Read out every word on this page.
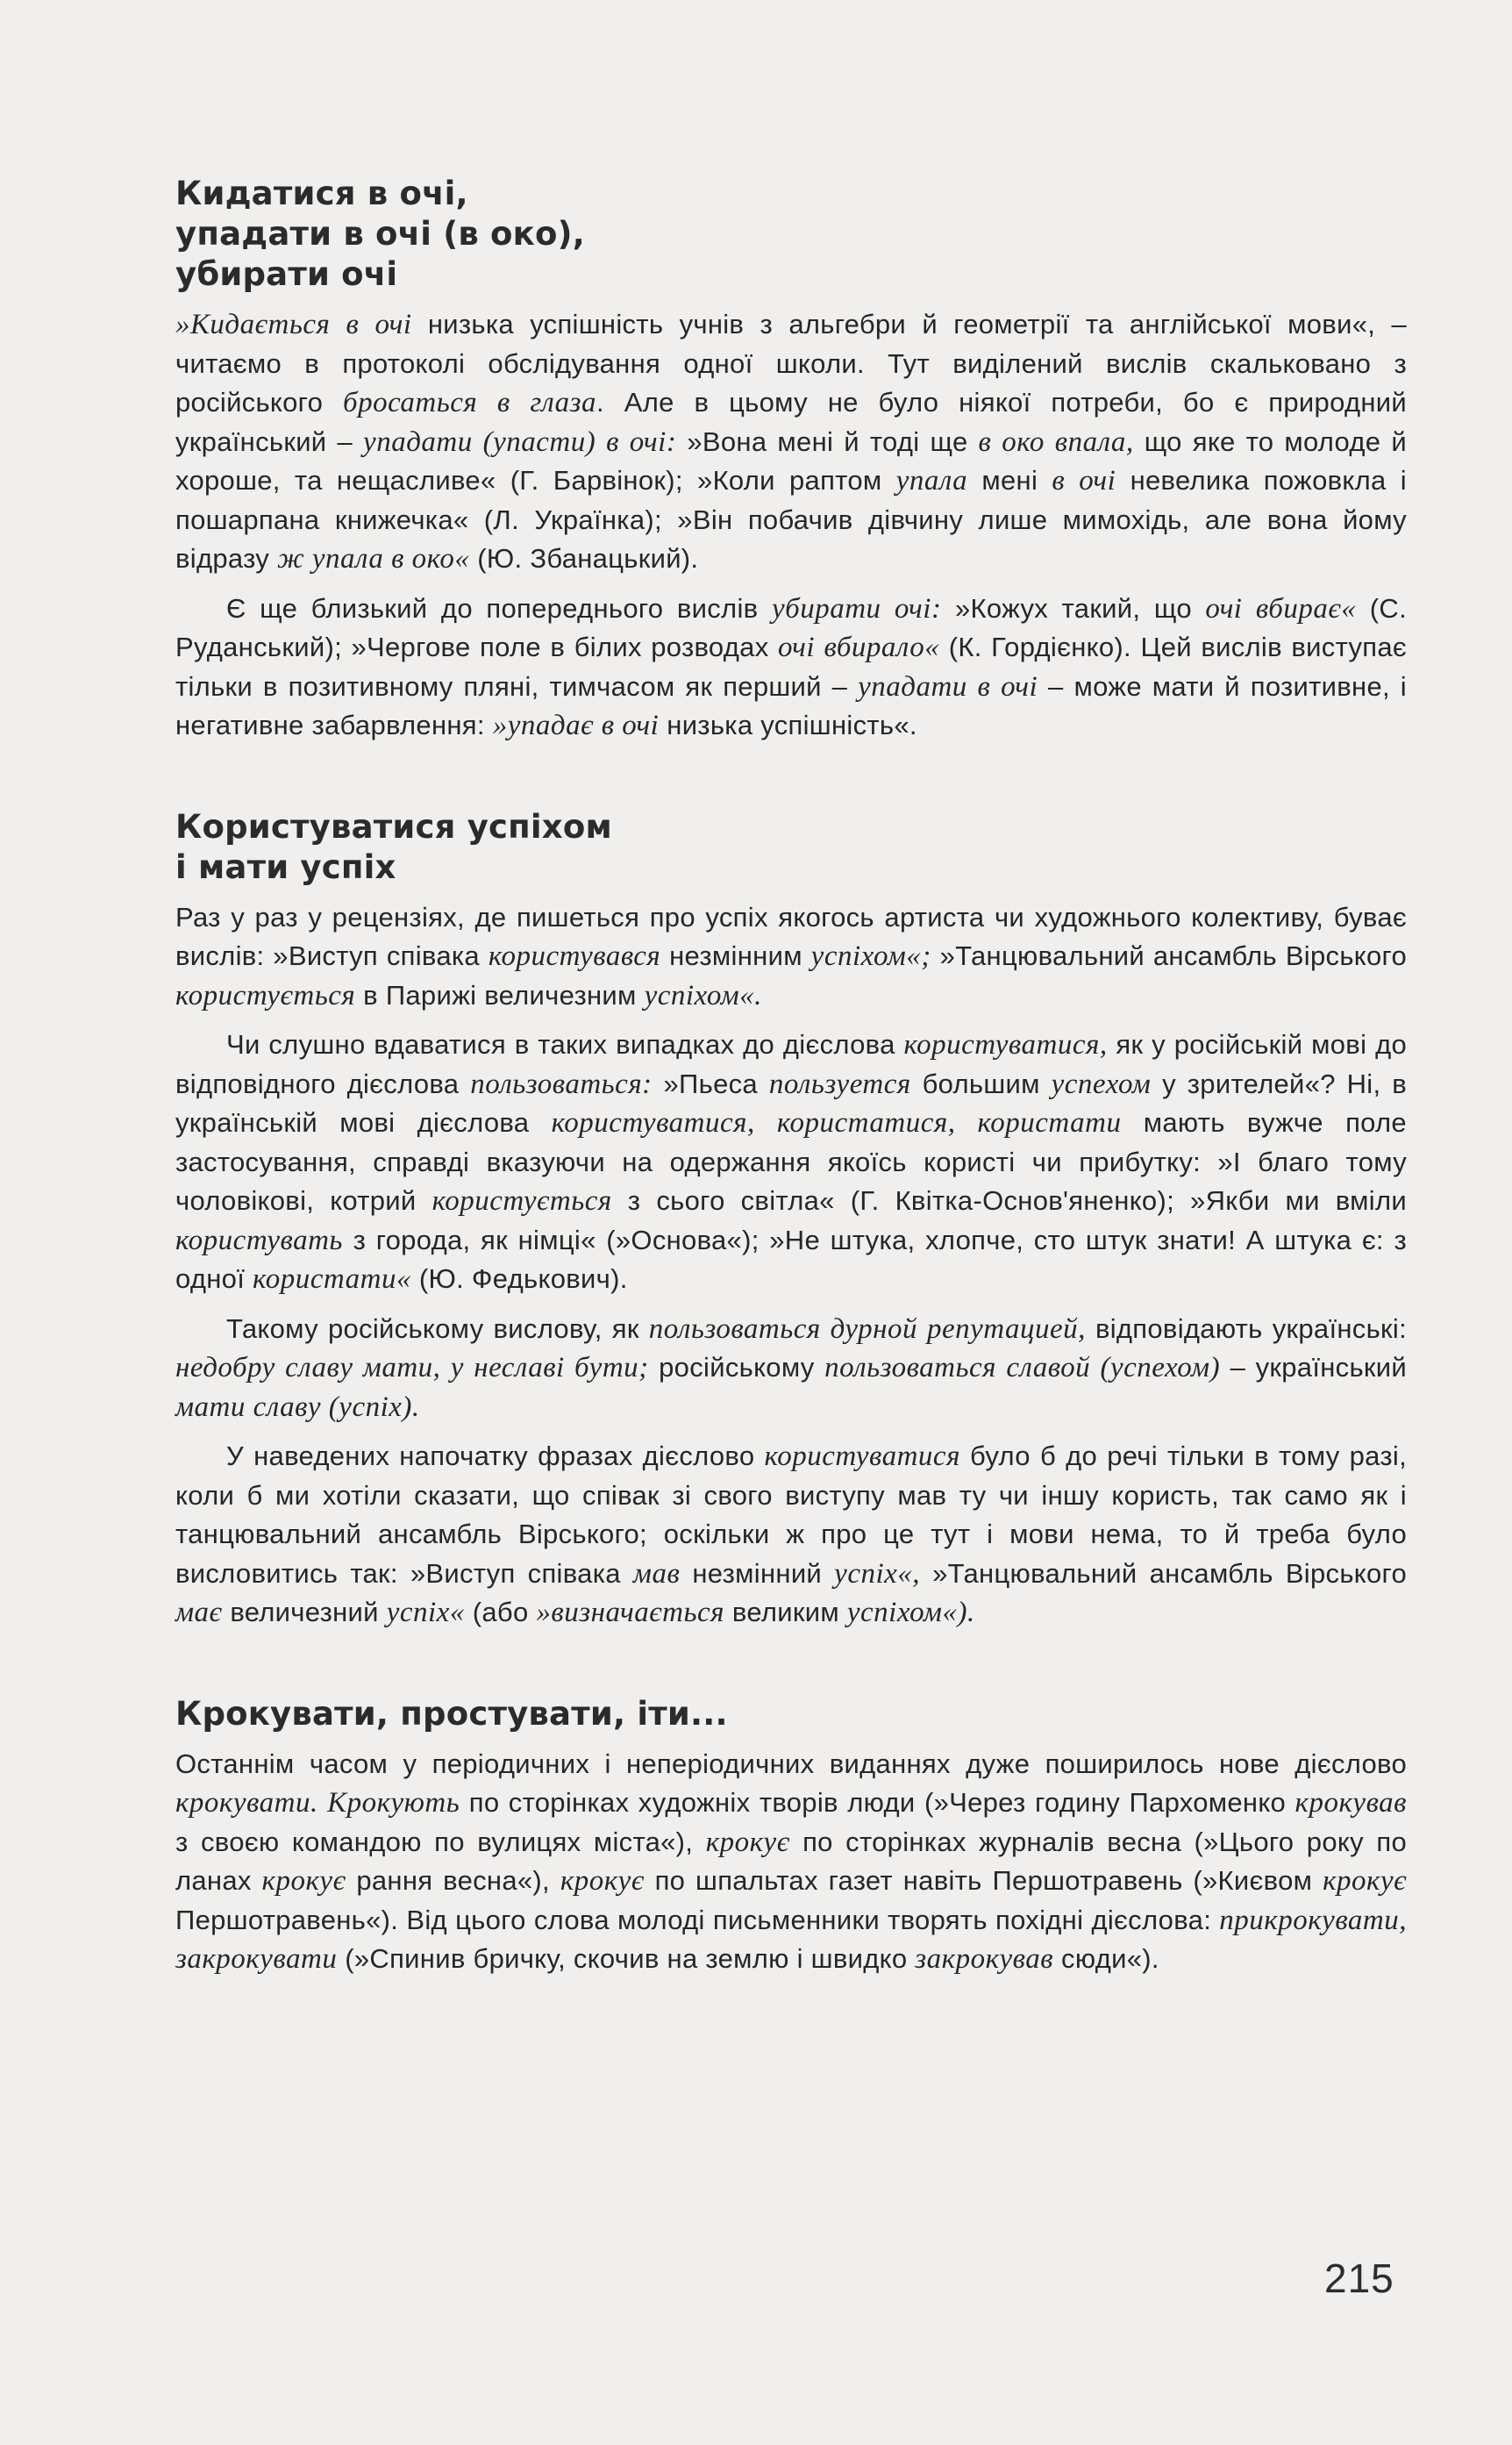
Кидатися в очі,
упадати в очі (в око),
убирати очі

»Кидається в очі низька успішність учнів з альгебри й геометрії та англійської мови«, – читаємо в протоколі обслідування одної школи. Тут виділений вислів скальковано з російського бросаться в глаза. Але в цьому не було ніякої потреби, бо є природний український – упадати (упасти) в очі: »Вона мені й тоді ще в око впала, що яке то молоде й хороше, та нещасливе« (Г. Барвінок); »Коли раптом упала мені в очі невелика пожовкла і пошарпана книжечка« (Л. Українка); »Він побачив дівчину лише мимохідь, але вона йому відразу ж упала в око« (Ю. Збанацький).

Є ще близький до попереднього вислів убирати очі: »Кожух такий, що очі вбирає« (С. Руданський); »Чергове поле в білих розводах очі вбирало« (К. Гордієнко). Цей вислів виступає тільки в позитивному пляні, тимчасом як перший – упадати в очі – може мати й позитивне, і негативне забарвлення: »упадає в очі низька успішність«.

Користуватися успіхом
і мати успіх

Раз у раз у рецензіях, де пишеться про успіх якогось артиста чи художнього колективу, буває вислів: »Виступ співака користувався незмінним успіхом«; »Танцювальний ансамбль Вірського користується в Парижі величезним успіхом«.

Чи слушно вдаватися в таких випадках до дієслова користуватися, як у російській мові до відповідного дієслова пользоваться: »Пьеса пользуется большим успехом у зрителей«? Ні, в українській мові дієслова користуватися, користатися, користати мають вужче поле застосування, справді вказуючи на одержання якоїсь користі чи прибутку: »І благо тому чоловікові, котрий користується з сього світла« (Г. Квітка-Основ'яненко); »Якби ми вміли користувать з города, як німці« (»Основа«); »Не штука, хлопче, сто штук знати! А штука є: з одної користати« (Ю. Федькович).

Такому російському вислову, як пользоваться дурной репутацией, відповідають українські: недобру славу мати, у неславі бути; російському пользоваться славой (успехом) – український мати славу (успіх).

У наведених напочатку фразах дієслово користуватися було б до речі тільки в тому разі, коли б ми хотіли сказати, що співак зі свого виступу мав ту чи іншу користь, так само як і танцювальний ансамбль Вірського; оскільки ж про це тут і мови нема, то й треба було висловитись так: »Виступ співака мав незмінний успіх«, »Танцювальний ансамбль Вірського має величезний успіх« (або »визначається великим успіхом«).

Крокувати, простувати, іти...

Останнім часом у періодичних і неперіодичних виданнях дуже поширилось нове дієслово крокувати. Крокують по сторінках художніх творів люди (»Через годину Пархоменко крокував з своєю командою по вулицях міста«), крокує по сторінках журналів весна (»Цього року по ланах крокує рання весна«), крокує по шпальтах газет навіть Першотравень (»Києвом крокує Першотравень«). Від цього слова молоді письменники творять похідні дієслова: прикрокувати, закрокувати (»Спинив бричку, скочив на землю і швидко закрокував сюди«).

215
